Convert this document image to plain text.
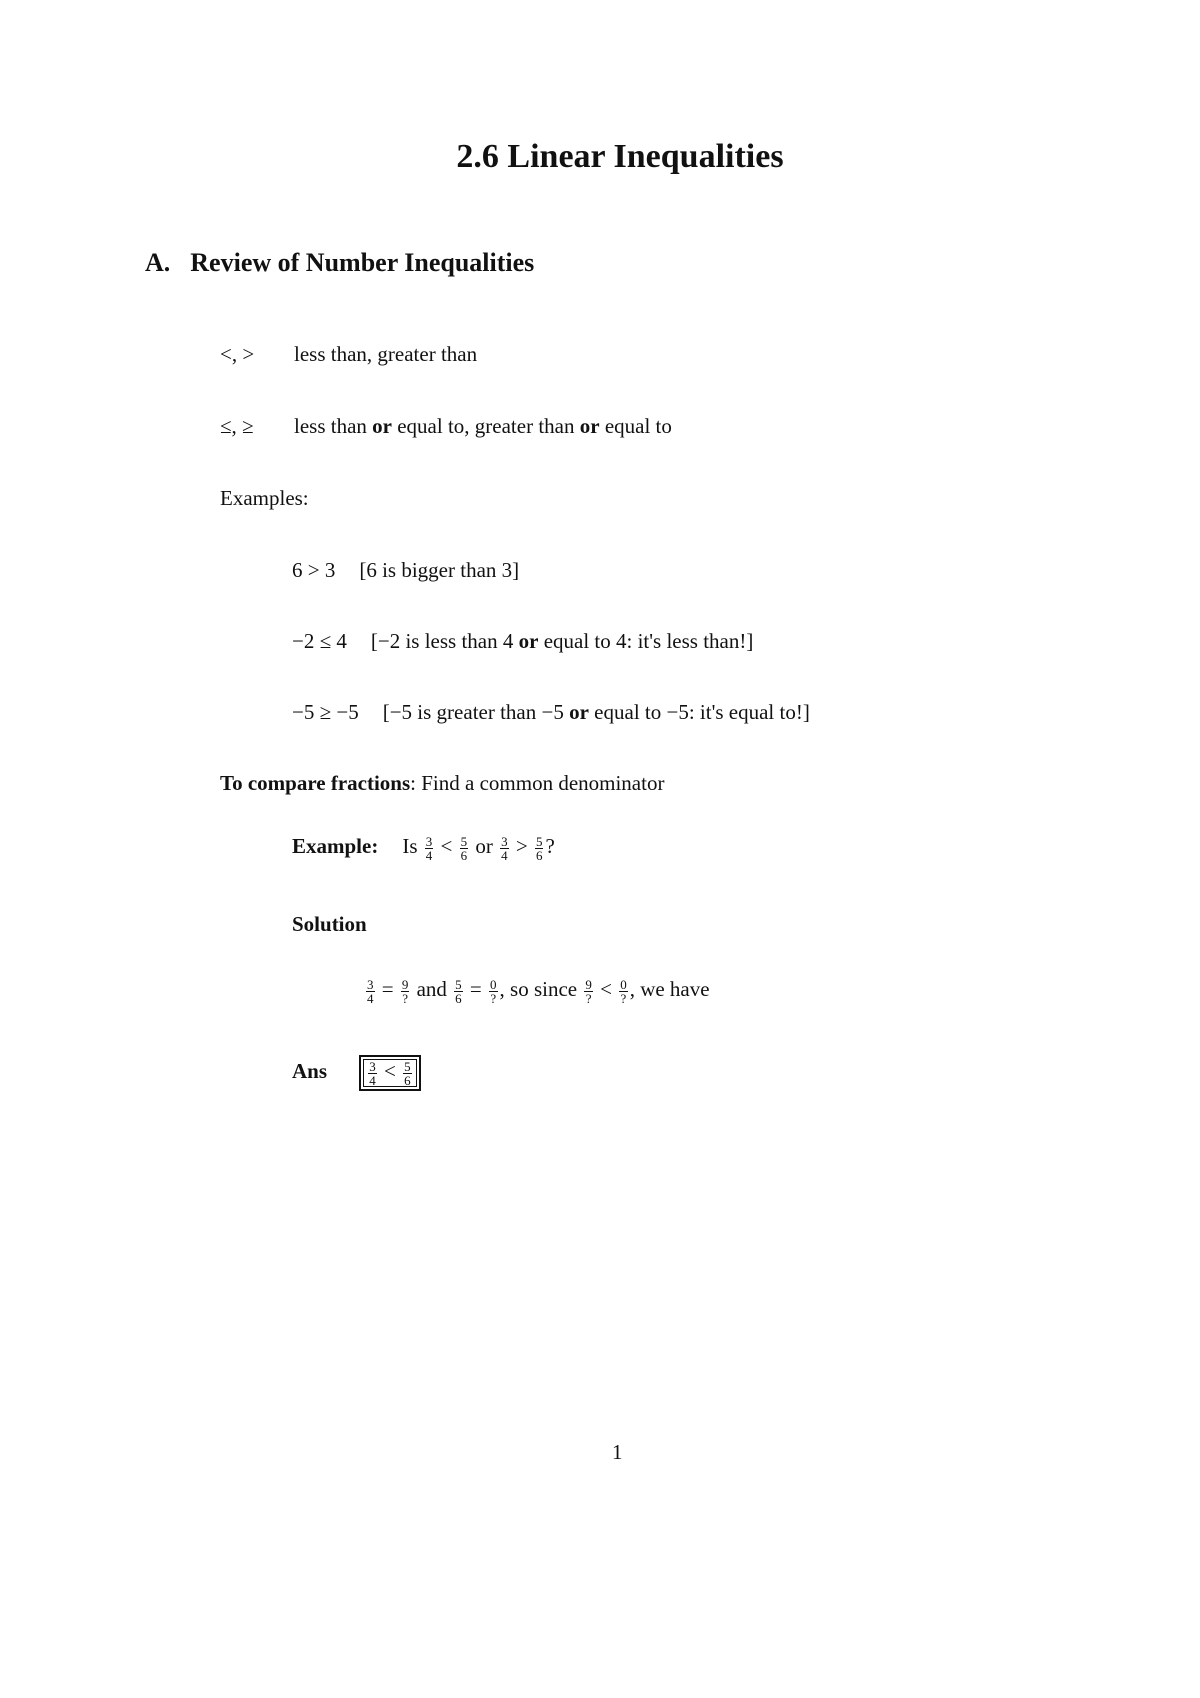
2.6 Linear Inequalities
A. Review of Number Inequalities
<, > less than, greater than
≤, ≥ less than or equal to, greater than or equal to
Examples:
6 > 3 [6 is bigger than 3]
−2 ≤ 4 [−2 is less than 4 or equal to 4: it's less than!]
−5 ≥ −5 [−5 is greater than −5 or equal to −5: it's equal to!]
To compare fractions: Find a common denominator
Example: Is $\frac{3}{4} < \frac{5}{6}$ or $\frac{3}{4} > \frac{5}{6}$ ?
Solution
$\frac{3}{4} = \frac{9}{?}$ and $\frac{5}{6} = \frac{0}{?}$ , so since $\frac{9}{?} < \frac{0}{?}$ , we have
Ans	$\frac{3}{4} < \frac{5}{6}$
1
